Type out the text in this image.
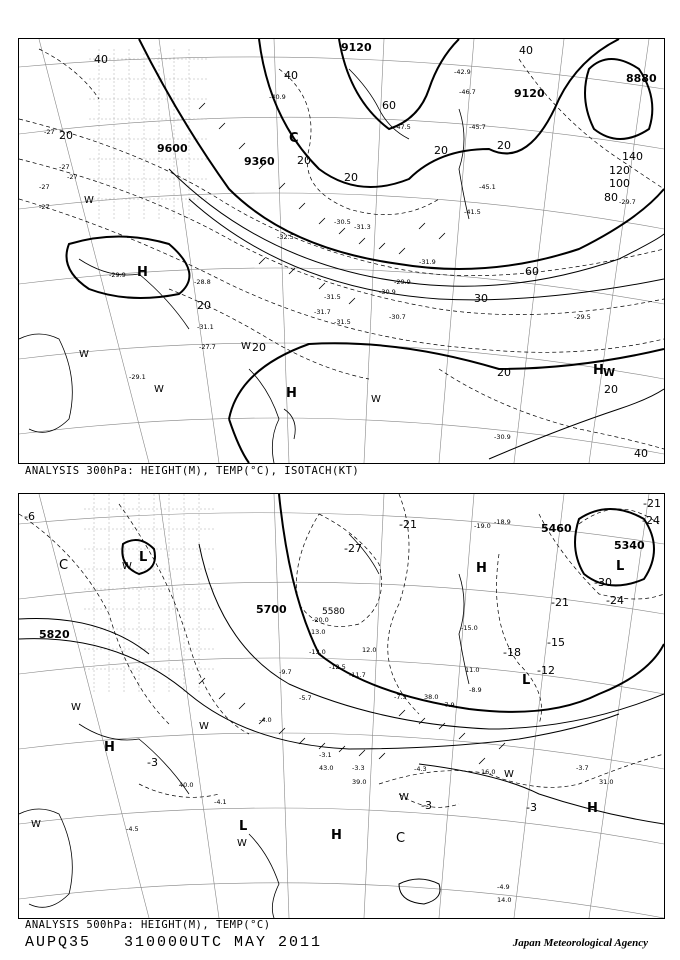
9600
9360
9120
8880
9120
40
40
60
80
120
140
100
60
40
20
20
20	20
20
20
20
20
40
30
20
H
H
C
H W
W
W
W
W
W
-27
-27
-27
-27
-27
-29.9
-28.8
-31.1
-27.7
-29.1
-31.7
-31.5
-30.7
-31.5
-30.9
-30.5
-31.3
-29.5
-31.9
-29.9
-41.5
-45.1
-45.7
-40.9
-46.7
-42.9
-47.5
-32.5
-30.9
-29.7
ANALYSIS 300hPa: HEIGHT(M), TEMP(°C), ISOTACH(KT)
5820
5700
5460
5340
5580
-6
-21
-21
-21
-24
-24
-27
-18
-15
-12
-3
-3	-3
-30
L
C	H	L
H
H	C
L
H
L
W
W
W
W
W
W
W
-19.0 -18.9
-20.0
-15.0
-12.5
-5.7
-4.0
-3.3
-3.1
-4.3	-3.7
-4.1
-4.5
-4.9
-7.9
-7.5
-8.9
-9.7	-11.7
-13.0
38.0
39.0
40.0
43.0
31.0
16.0
14.0
13.0
12.0
11.0
ANALYSIS 500hPa: HEIGHT(M), TEMP(°C)
AUPQ35 310000UTC MAY 2011	Japan Meteorological Agency
